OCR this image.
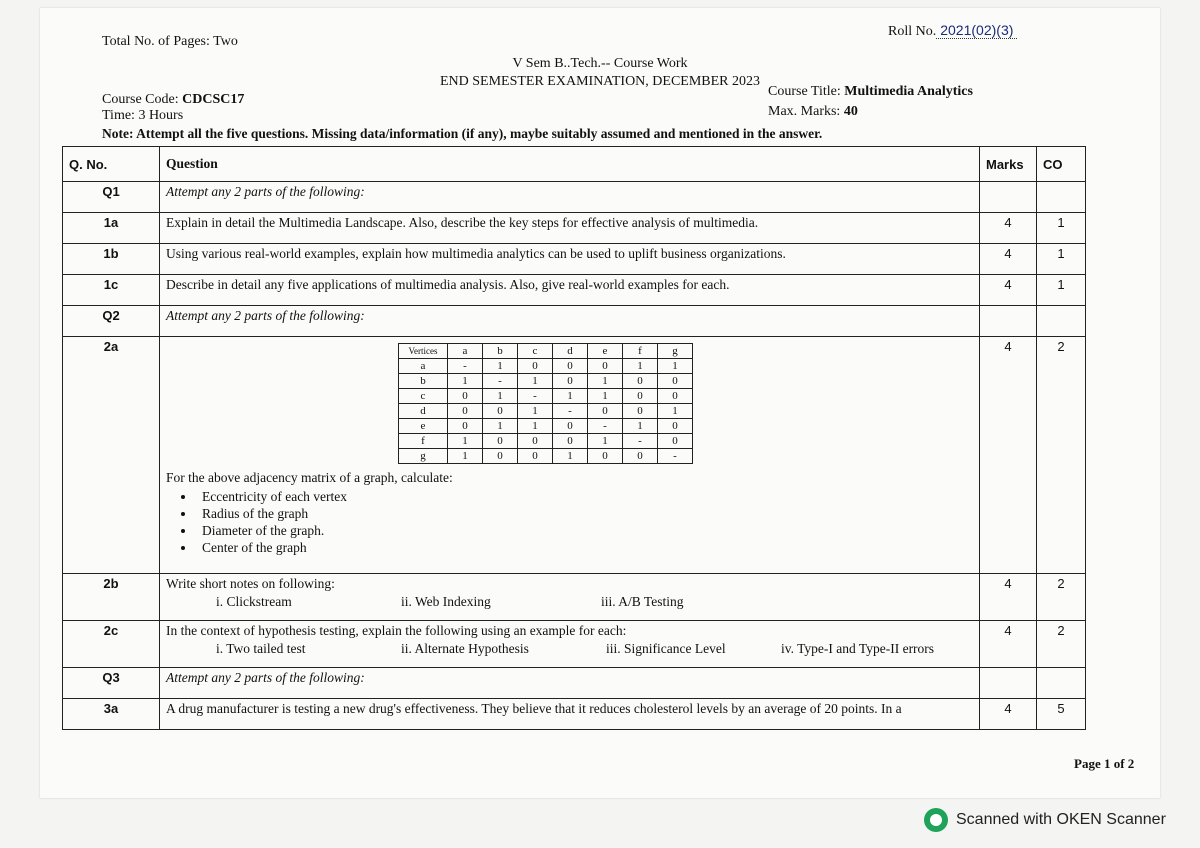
Total No. of Pages: Two
Roll No. 2021(02)(3)
V Sem B..Tech.-- Course Work
END SEMESTER EXAMINATION, DECEMBER 2023
Course Code: CDCSC17
Time: 3 Hours
Course Title: Multimedia Analytics
Max. Marks: 40
Note: Attempt all the five questions. Missing data/information (if any), maybe suitably assumed and mentioned in the answer.
Q. No.	Question	Marks	CO
Q1	Attempt any 2 parts of the following:		
1a	Explain in detail the Multimedia Landscape. Also, describe the key steps for effective analysis of multimedia.	4	1
1b	Using various real-world examples, explain how multimedia analytics can be used to uplift business organizations.	4	1
1c	Describe in detail any five applications of multimedia analysis. Also, give real-world examples for each.	4	1
Q2	Attempt any 2 parts of the following:		
2a		Vertices	a	b	c	d	e	f	g
a	-	1	0	0	0	1	1
b	1	-	1	0	1	0	0
c	0	1	-	1	1	0	0
d	0	0	1	-	0	0	1
e	0	1	1	0	-	1	0
f	1	0	0	0	1	-	0
g	1	0	0	1	0	0	-
For the above adjacency matrix of a graph, calculate:
• Eccentricity of each vertex
• Radius of the graph
• Diameter of the graph.
• Center of the graph
	4	2
2b	Write short notes on following:
i. Clickstream	ii. Web Indexing	iii. A/B Testing
	4	2
2c	In the context of hypothesis testing, explain the following using an example for each:
i. Two tailed test	ii. Alternate Hypothesis	iii. Significance Level	iv. Type-I and Type-II errors
	4	2
Q3	Attempt any 2 parts of the following:		
3a	A drug manufacturer is testing a new drug's effectiveness. They believe that it reduces cholesterol levels by an average of 20 points. In a	4	5
Page 1 of 2
Scanned with OKEN Scanner
